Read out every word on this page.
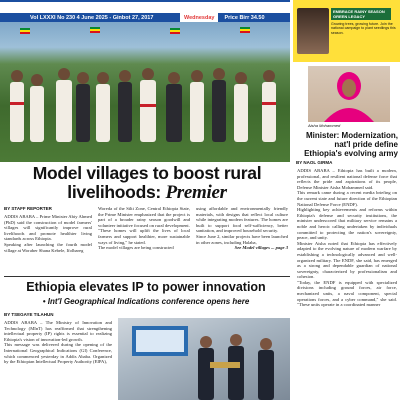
Vol LXXXI No 230 4 June 2025 - Ginbot 27, 2017	Wednesday	Price Birr 34.50
Model villages to boost rural livelihoods: Premier
BY STAFF REPORTER

ADDIS ABABA – Prime Minister Abiy Ahmed (PhD) said the construction of model farmers' villages will significantly improve rural livelihoods and promote healthier living standards across Ethiopia.

Speaking after launching the fourth model village at Woraber Shana Kebele, Ifolbareg

Woreda of the Silti Zone, Central Ethiopia State, the Prime Minister emphasized that the project is part of a broader rainy season goodwill and volunteer initiative focused on rural development.

"These homes will uplift the lives of local farmers and support healthier, more sustainable ways of living," he stated.

The model villages are being constructed

using affordable and environmentally friendly materials, with designs that reflect local culture while integrating modern features. The homes are built to support food self-sufficiency, better sanitation, and improved household security.

Since June 2, similar projects have been launched in other zones, including Halaba,

See Model villages ... page 3

Ethiopia elevates IP to power innovation
• Int'l Geographical Indications conference opens here
BY TSEGAYE TILAHUN

ADDIS ABABA – The Ministry of Innovation and Technology (MInT) has reaffirmed that strengthening intellectual property (IP) rights is essential to realizing Ethiopia's vision of innovation-led growth.

This message was delivered during the opening of the International Geographical Indications (GI) Conference, which commenced yesterday in Addis Ababa. Organized by the Ethiopian Intellectual Property Authority (EIPA),

EMBRACE RAINY SEASON GREEN LEGACY
Growing trees, growing future. Join the national campaign to plant seedlings this season.
Aisha Mohammed
Minister: Modernization, nat'l pride define Ethiopia's evolving army
BY NAOL GIRMA

ADDIS ABABA – Ethiopia has built a modern, professional, and resilient national defense force that reflects the pride and aspirations of its people, Defense Minister Aisha Mohammed said.

This remark came during a recent media briefing on the current state and future direction of the Ethiopian National Defense Force (ENDF).

Highlighting key achievements and reforms within Ethiopia's defense and security institutions, the minister underscored that military service remains a noble and heroic calling undertaken by individuals committed to protecting the nation's sovereignty, peace, and unity.

Minister Aisha noted that Ethiopia has effectively adapted to the evolving nature of modern warfare by establishing a technologically advanced and well-organized military. The ENDF, she said, has emerged as a strong and dependable guardian of national sovereignty, characterized by professionalism and cohesion.

"Today, the ENDF is equipped with specialized divisions including ground forces, air force, mechanized units, a naval component, special operations forces, and a cyber command," she said. "These units operate in a coordinated manner
